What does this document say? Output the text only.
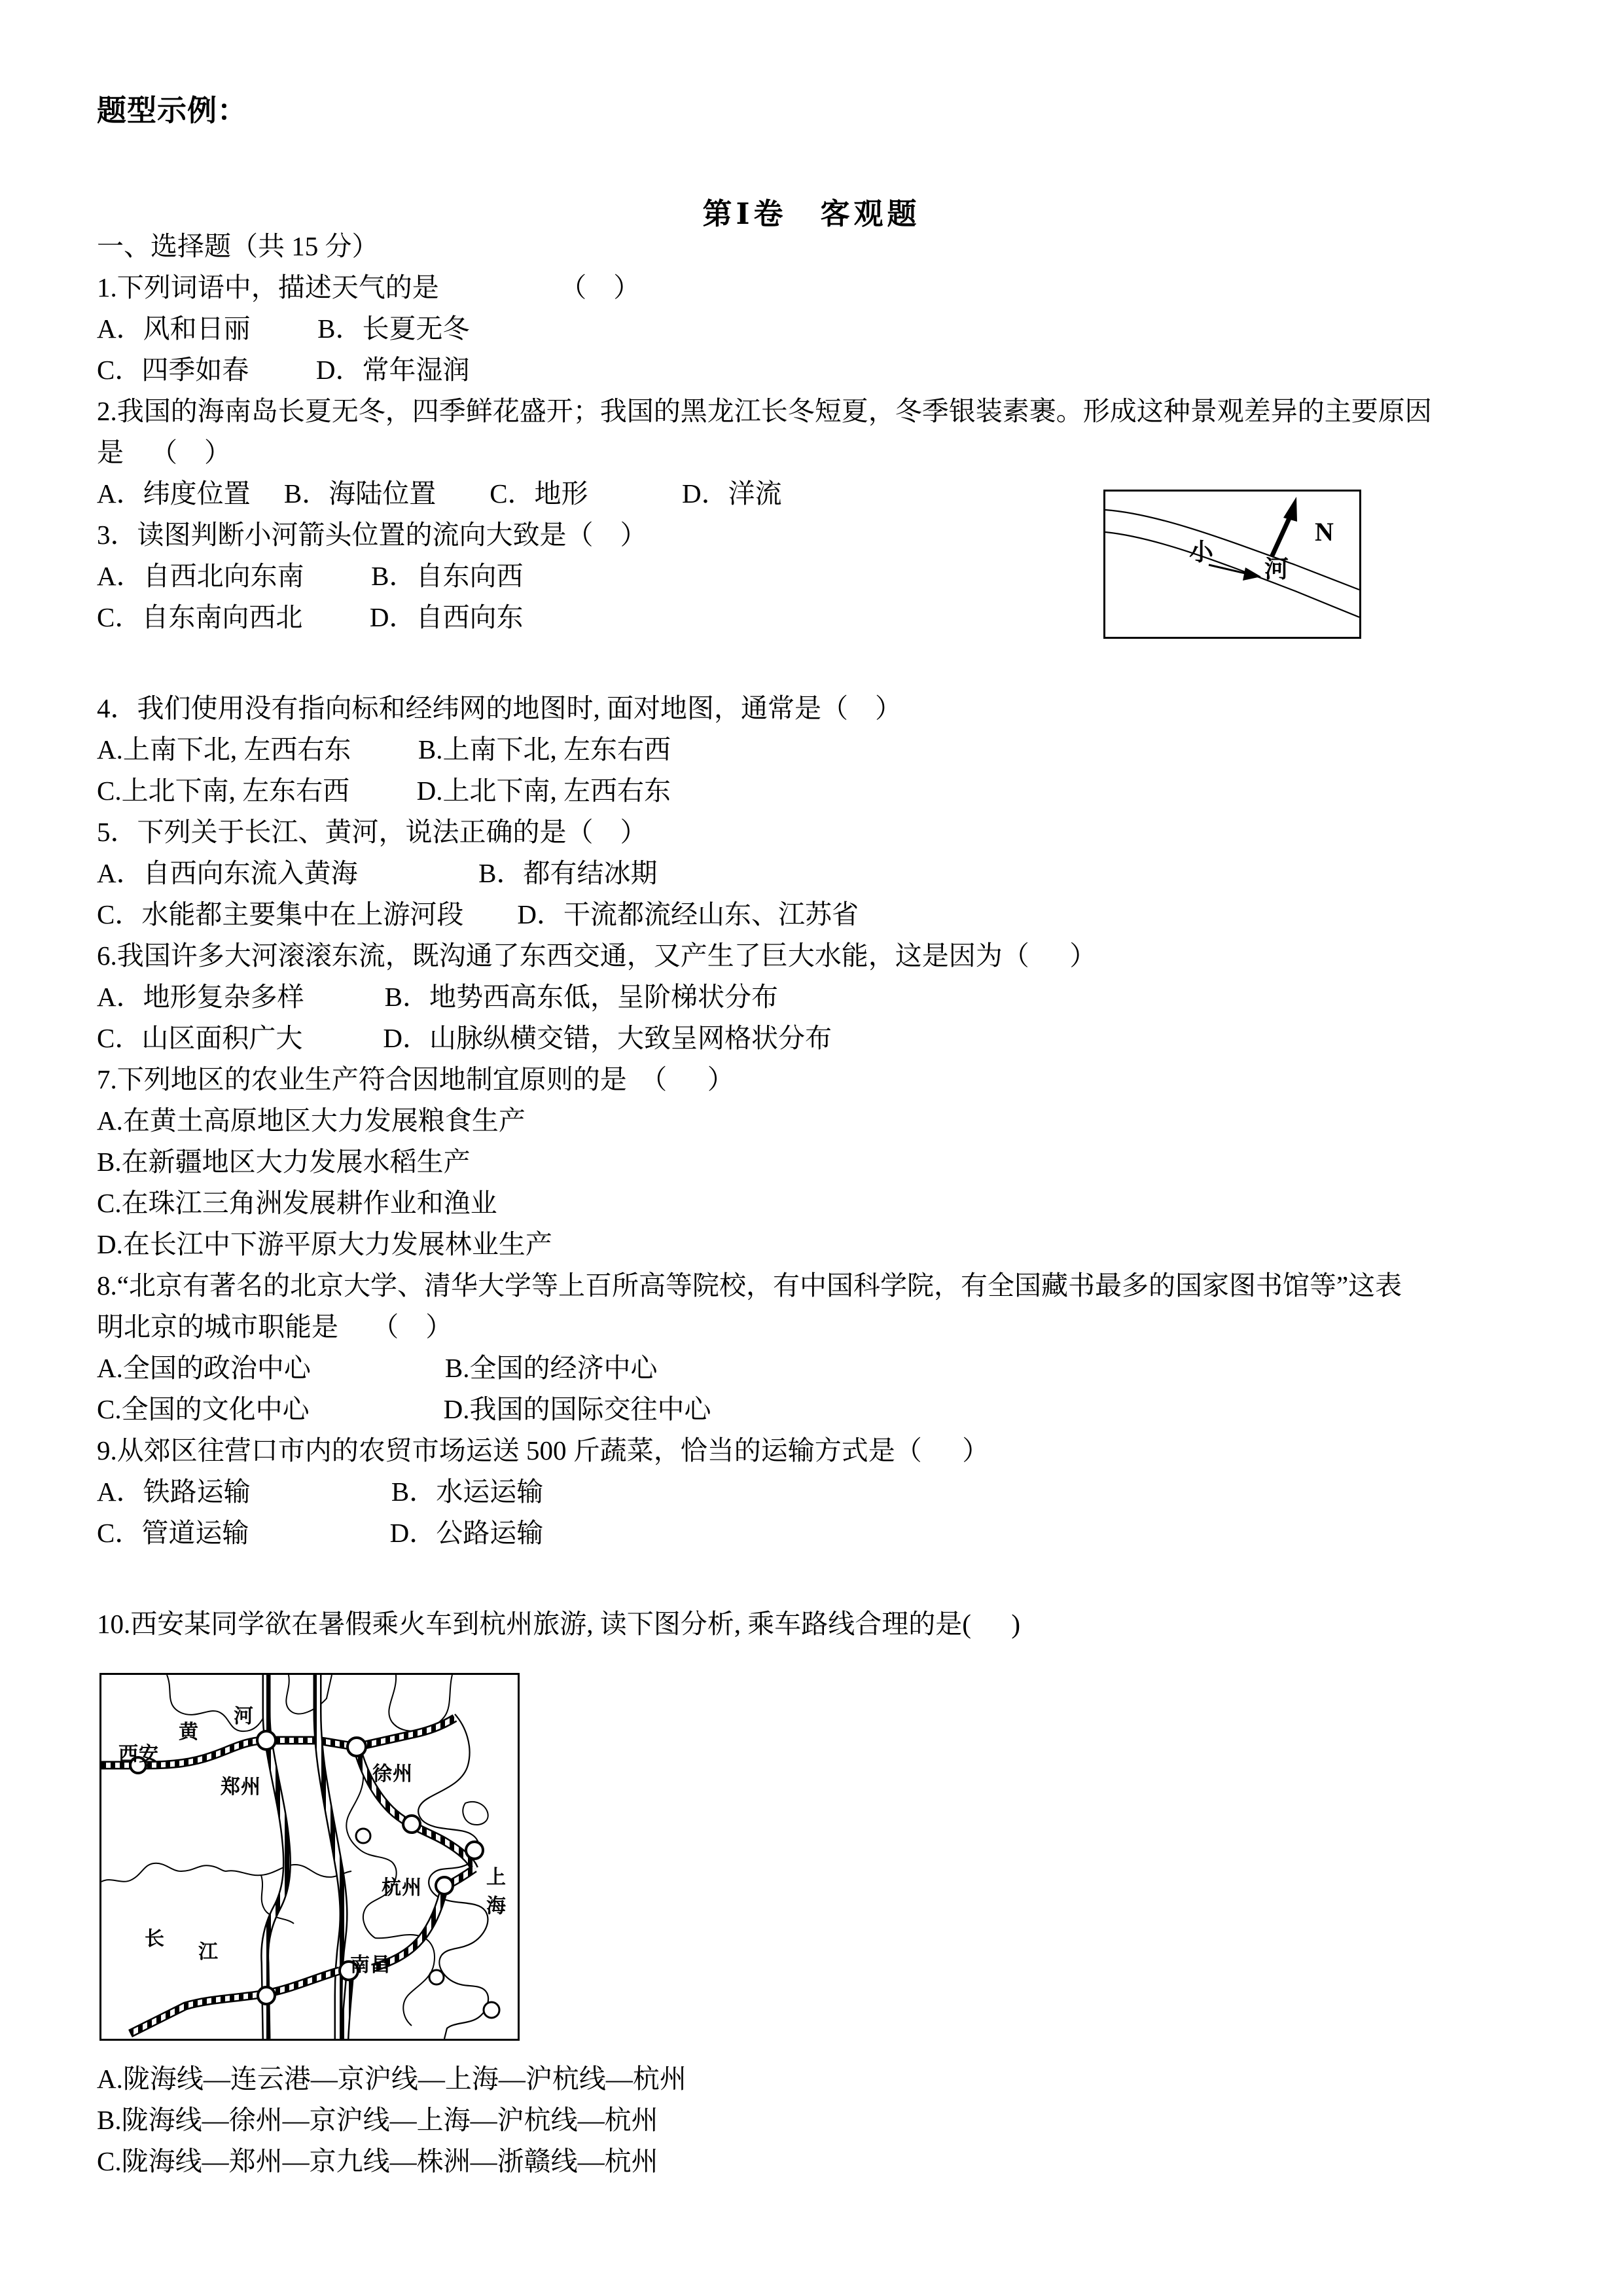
题型示例：
第Ⅰ卷　客观题
一、选择题（共 15 分）
1.下列词语中，描述天气的是                  （    ）
A．风和日丽          B．长夏无冬
C．四季如春          D．常年湿润
2.我国的海南岛长夏无冬，四季鲜花盛开；我国的黑龙江长冬短夏，冬季银装素裹。形成这种景观差异的主要原因
是    （    ）
A．纬度位置     B．海陆位置        C．地形              D．洋流
3．读图判断小河箭头位置的流向大致是（    ）
A．自西北向东南          B．自东向西
C．自东南向西北          D．自西向东
4．我们使用没有指向标和经纬网的地图时, 面对地图，通常是（    ）
A.上南下北, 左西右东          B.上南下北, 左东右西
C.上北下南, 左东右西          D.上北下南, 左西右东
5．下列关于长江、黄河，说法正确的是（    ）
A．自西向东流入黄海                  B．都有结冰期
C．水能都主要集中在上游河段        D．干流都流经山东、江苏省
6.我国许多大河滚滚东流，既沟通了东西交通，又产生了巨大水能，这是因为（      ）
A．地形复杂多样            B．地势西高东低，呈阶梯状分布
C．山区面积广大            D．山脉纵横交错，大致呈网格状分布
7.下列地区的农业生产符合因地制宜原则的是  （      ）
A.在黄土高原地区大力发展粮食生产
B.在新疆地区大力发展水稻生产
C.在珠江三角洲发展耕作业和渔业
D.在长江中下游平原大力发展林业生产
8.“北京有著名的北京大学、清华大学等上百所高等院校，有中国科学院，有全国藏书最多的国家图书馆等”这表
明北京的城市职能是     （    ）
A.全国的政治中心                    B.全国的经济中心
C.全国的文化中心                    D.我国的国际交往中心
9.从郊区往营口市内的农贸市场运送 500 斤蔬菜，恰当的运输方式是（      ）
A．铁路运输                     B．水运运输
C．管道运输                     D．公路运输
10.西安某同学欲在暑假乘火车到杭州旅游, 读下图分析, 乘车路线合理的是(      )
小
河
N
西安
郑州
徐州
杭州	上海
南昌
黄
河
长
江
A.陇海线—连云港—京沪线—上海—沪杭线—杭州
B.陇海线—徐州—京沪线—上海—沪杭线—杭州
C.陇海线—郑州—京九线—株洲—浙赣线—杭州
